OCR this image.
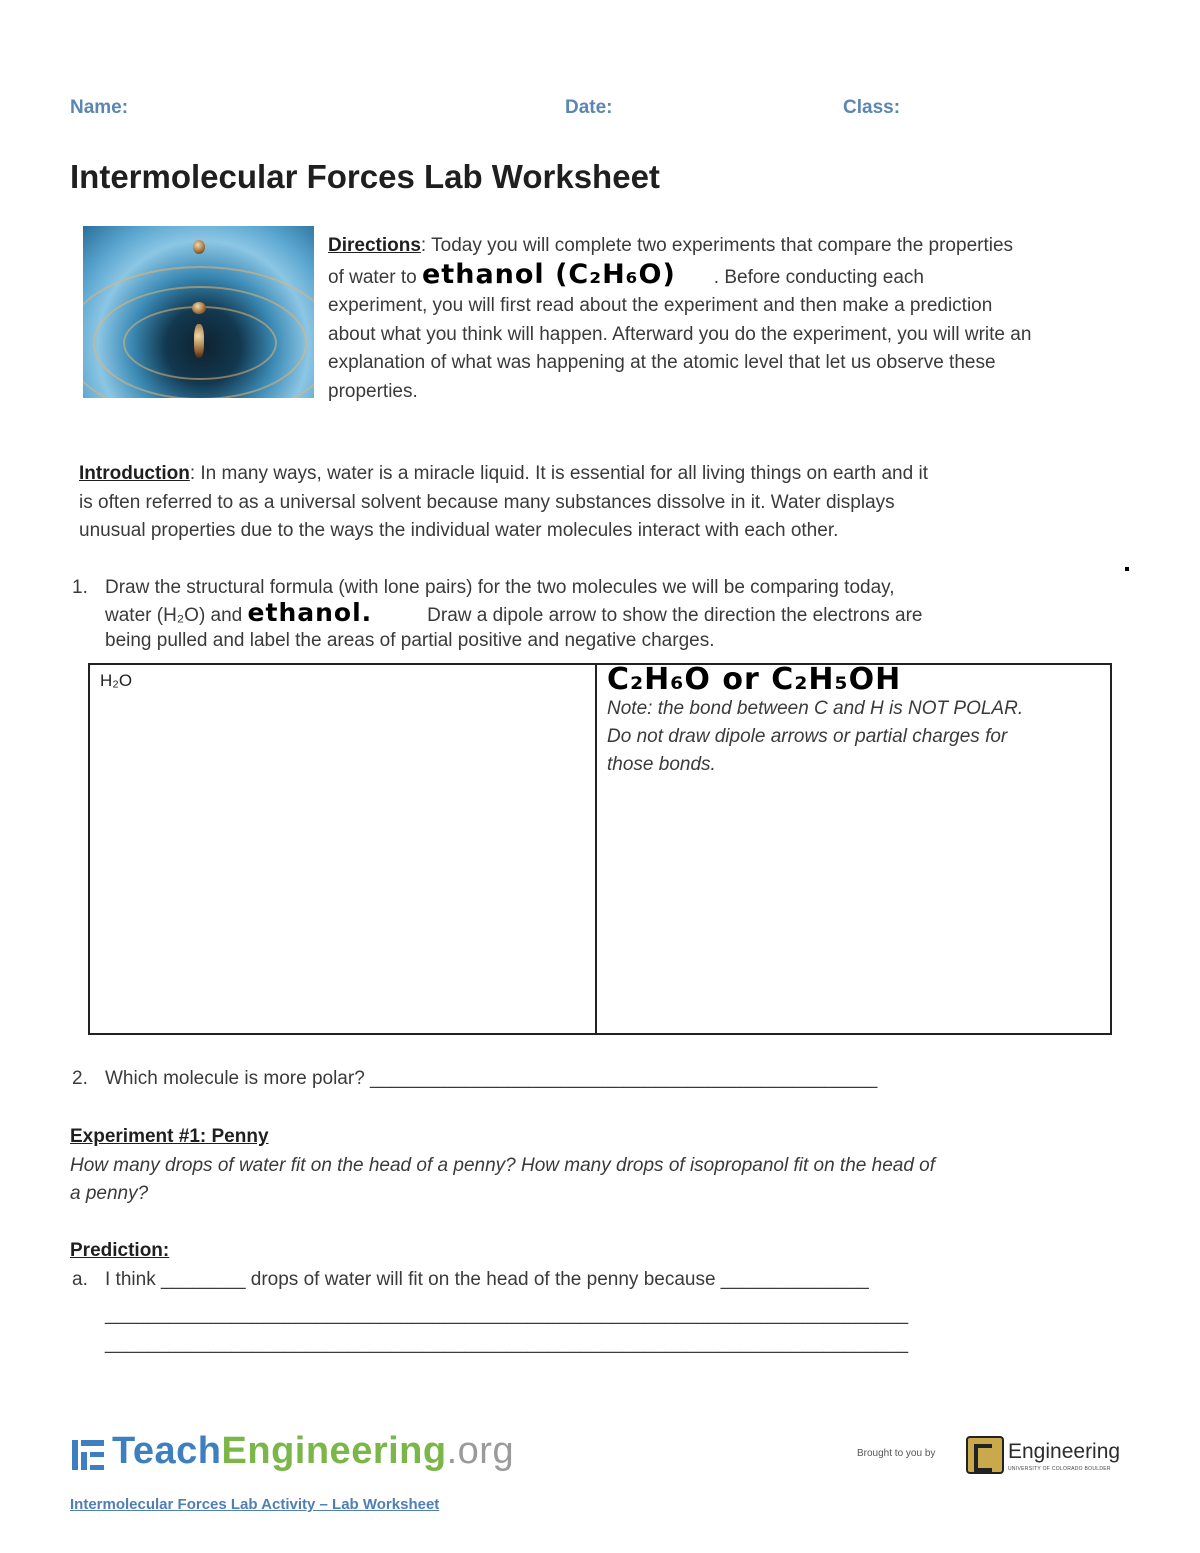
Name:	Date:	Class:
Intermolecular Forces Lab Worksheet
Directions: Today you will complete two experiments that compare the properties
of water to ethanol (C₂H₆O) . Before conducting each
experiment, you will first read about the experiment and then make a prediction
about what you think will happen. Afterward you do the experiment, you will write an
explanation of what was happening at the atomic level that let us observe these
properties.
Introduction: In many ways, water is a miracle liquid. It is essential for all living things on earth and it
is often referred to as a universal solvent because many substances dissolve in it. Water displays
unusual properties due to the ways the individual water molecules interact with each other.
1. Draw the structural formula (with lone pairs) for the two molecules we will be comparing today,
water (H₂O) and ethanol.	Draw a dipole arrow to show the direction the electrons are
being pulled and label the areas of partial positive and negative charges.
H₂O	C₂H₆O or C₂H₅OH
Note: the bond between C and H is NOT POLAR.
Do not draw dipole arrows or partial charges for
those bonds.
2. Which molecule is more polar? ________________________________________________
Experiment #1: Penny
How many drops of water fit on the head of a penny? How many drops of isopropanol fit on the head of
a penny?
Prediction:
a. I think ________ drops of water will fit on the head of the penny because ______________
____________________________________________________________________________
____________________________________________________________________________
TeachEngineering.org	Brought to you by	Engineering
UNIVERSITY OF COLORADO BOULDER
Intermolecular Forces Lab Activity – Lab Worksheet
